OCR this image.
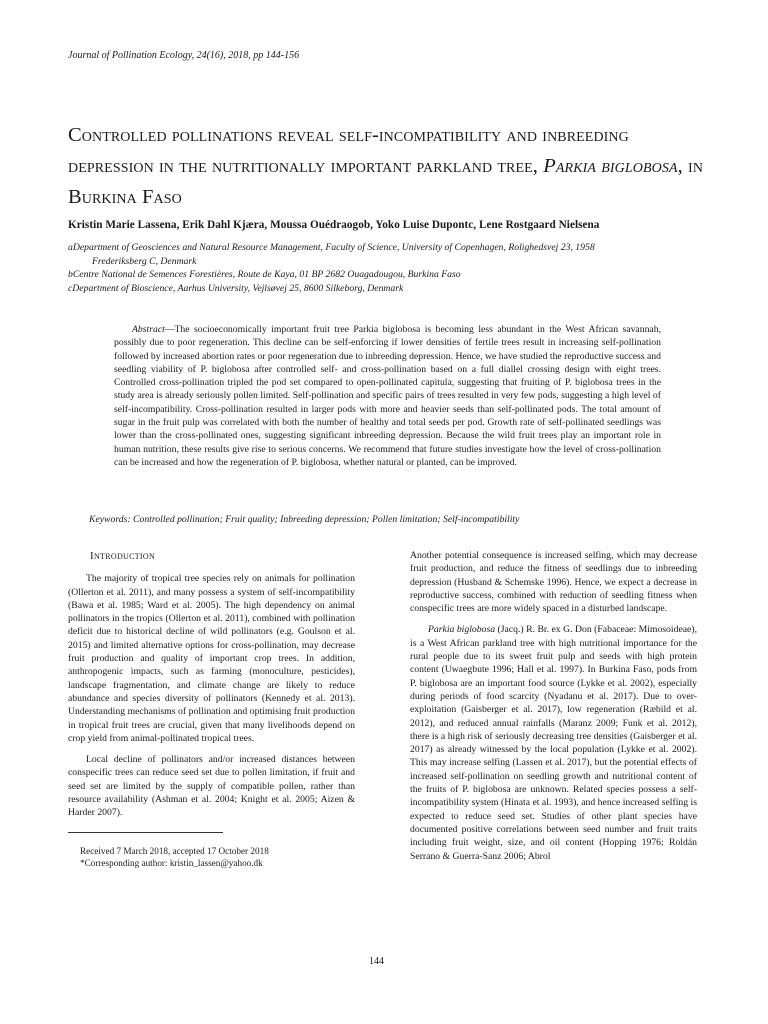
Journal of Pollination Ecology, 24(16), 2018, pp 144-156
Controlled pollinations reveal self-incompatibility and inbreeding depression in the nutritionally important parkland tree, Parkia biglobosa, in Burkina Faso
Kristin Marie Lassena, Erik Dahl Kjæra, Moussa Ouédraogob, Yoko Luise Dupontc, Lene Rostgaard Nielsena
aDepartment of Geosciences and Natural Resource Management, Faculty of Science, University of Copenhagen, Rolighedsvej 23, 1958
Frederiksberg C, Denmark
bCentre National de Semences Forestières, Route de Kaya, 01 BP 2682 Ouagadougou, Burkina Faso
cDepartment of Bioscience, Aarhus University, Vejlsøvej 25, 8600 Silkeborg, Denmark
Abstract—The socioeconomically important fruit tree Parkia biglobosa is becoming less abundant in the West African savannah, possibly due to poor regeneration. This decline can be self-enforcing if lower densities of fertile trees result in increasing self-pollination followed by increased abortion rates or poor regeneration due to inbreeding depression. Hence, we have studied the reproductive success and seedling viability of P. biglobosa after controlled self- and cross-pollination based on a full diallel crossing design with eight trees. Controlled cross-pollination tripled the pod set compared to open-pollinated capitula, suggesting that fruiting of P. biglobosa trees in the study area is already seriously pollen limited. Self-pollination and specific pairs of trees resulted in very few pods, suggesting a high level of self-incompatibility. Cross-pollination resulted in larger pods with more and heavier seeds than self-pollinated pods. The total amount of sugar in the fruit pulp was correlated with both the number of healthy and total seeds per pod. Growth rate of self-pollinated seedlings was lower than the cross-pollinated ones, suggesting significant inbreeding depression. Because the wild fruit trees play an important role in human nutrition, these results give rise to serious concerns. We recommend that future studies investigate how the level of cross-pollination can be increased and how the regeneration of P. biglobosa, whether natural or planted, can be improved.
Keywords: Controlled pollination; Fruit quality; Inbreeding depression; Pollen limitation; Self-incompatibility
Introduction

The majority of tropical tree species rely on animals for pollination (Ollerton et al. 2011), and many possess a system of self-incompatibility (Bawa et al. 1985; Ward et al. 2005). The high dependency on animal pollinators in the tropics (Ollerton et al. 2011), combined with pollination deficit due to historical decline of wild pollinators (e.g. Goulson et al. 2015) and limited alternative options for cross-pollination, may decrease fruit production and quality of important crop trees. In addition, anthropogenic impacts, such as farming (monoculture, pesticides), landscape fragmentation, and climate change are likely to reduce abundance and species diversity of pollinators (Kennedy et al. 2013). Understanding mechanisms of pollination and optimising fruit production in tropical fruit trees are crucial, given that many livelihoods depend on crop yield from animal-pollinated tropical trees.

Local decline of pollinators and/or increased distances between conspecific trees can reduce seed set due to pollen limitation, if fruit and seed set are limited by the supply of compatible pollen, rather than resource availability (Ashman et al. 2004; Knight et al. 2005; Aizen & Harder 2007).

Received 7 March 2018, accepted 17 October 2018
*Corresponding author: kristin_lassen@yahoo.dk

Another potential consequence is increased selfing, which may decrease fruit production, and reduce the fitness of seedlings due to inbreeding depression (Husband & Schemske 1996). Hence, we expect a decrease in reproductive success, combined with reduction of seedling fitness when conspecific trees are more widely spaced in a disturbed landscape.

Parkia biglobosa (Jacq.) R. Br. ex G. Don (Fabaceae: Mimosoideae), is a West African parkland tree with high nutritional importance for the rural people due to its sweet fruit pulp and seeds with high protein content (Uwaegbute 1996; Hall et al. 1997). In Burkina Faso, pods from P. biglobosa are an important food source (Lykke et al. 2002), especially during periods of food scarcity (Nyadanu et al. 2017). Due to over-exploitation (Gaisberger et al. 2017), low regeneration (Ræbild et al. 2012), and reduced annual rainfalls (Maranz 2009; Funk et al. 2012), there is a high risk of seriously decreasing tree densities (Gaisberger et al. 2017) as already witnessed by the local population (Lykke et al. 2002). This may increase selfing (Lassen et al. 2017), but the potential effects of increased self-pollination on seedling growth and nutritional content of the fruits of P. biglobosa are unknown. Related species possess a self-incompatibility system (Hinata et al. 1993), and hence increased selfing is expected to reduce seed set. Studies of other plant species have documented positive correlations between seed number and fruit traits including fruit weight, size, and oil content (Hopping 1976; Roldán Serrano & Guerra-Sanz 2006; Abrol

144
